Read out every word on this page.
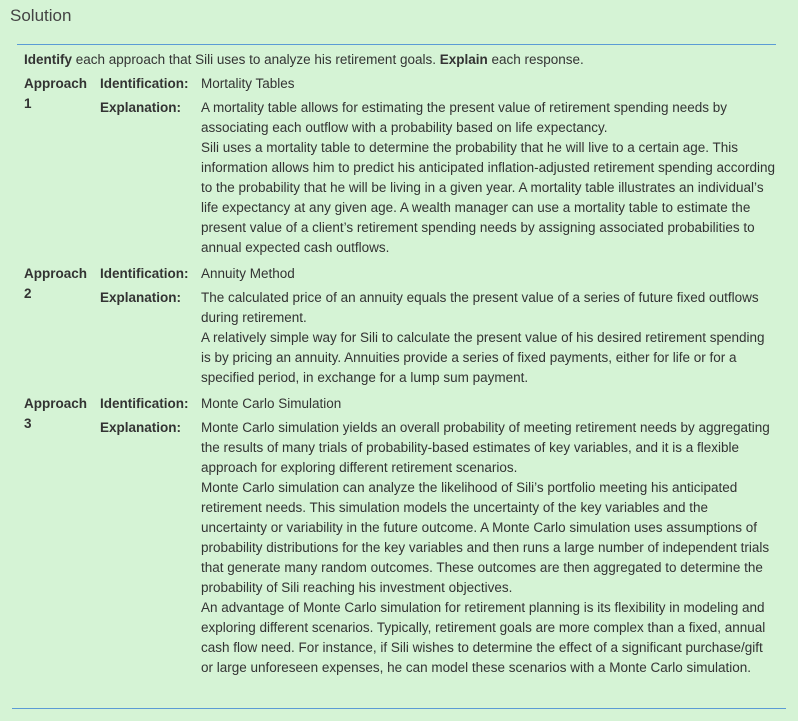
Solution

Identify each approach that Sili uses to analyze his retirement goals. Explain each response.

Approach 1
Identification: Mortality Tables

Explanation:	A mortality table allows for estimating the present value of retirement spending needs by associating each outflow with a probability based on life expectancy.

Sili uses a mortality table to determine the probability that he will live to a certain age. This information allows him to predict his anticipated inflation-adjusted retirement spending according to the probability that he will be living in a given year. A mortality table illustrates an individual’s life expectancy at any given age. A wealth manager can use a mortality table to estimate the present value of a client’s retirement spending needs by assigning associated probabilities to annual expected cash outflows.

Approach 2
Identification: Annuity Method

Explanation:	The calculated price of an annuity equals the present value of a series of future fixed outflows during retirement.

A relatively simple way for Sili to calculate the present value of his desired retirement spending is by pricing an annuity. Annuities provide a series of fixed payments, either for life or for a specified period, in exchange for a lump sum payment.

Approach 3
Identification: Monte Carlo Simulation

Explanation:	Monte Carlo simulation yields an overall probability of meeting retirement needs by aggregating the results of many trials of probability-based estimates of key variables, and it is a flexible approach for exploring different retirement scenarios.

Monte Carlo simulation can analyze the likelihood of Sili’s portfolio meeting his anticipated retirement needs. This simulation models the uncertainty of the key variables and the uncertainty or variability in the future outcome. A Monte Carlo simulation uses assumptions of probability distributions for the key variables and then runs a large number of independent trials that generate many random outcomes. These outcomes are then aggregated to determine the probability of Sili reaching his investment objectives.

An advantage of Monte Carlo simulation for retirement planning is its flexibility in modeling and exploring different scenarios. Typically, retirement goals are more complex than a fixed, annual cash flow need. For instance, if Sili wishes to determine the effect of a significant purchase/gift or large unforeseen expenses, he can model these scenarios with a Monte Carlo simulation.
